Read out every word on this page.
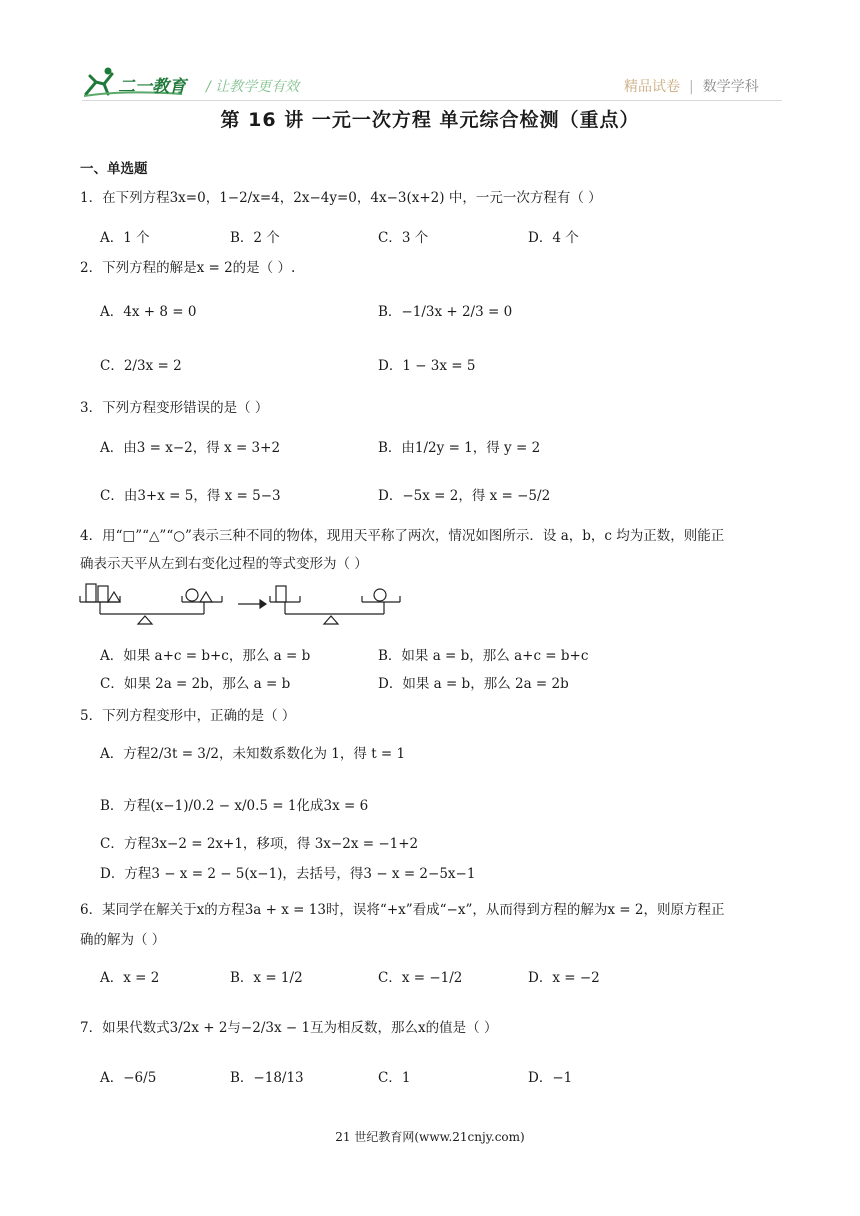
二一教育 / 让教学更有效	精品试卷 | 数学学科
第 16 讲 一元一次方程 单元综合检测（重点）
一、单选题
1．在下列方程3x=0，1−2/x=4，2x−4y=0，4x−3(x+2) 中，一元一次方程有（ ）
A．1 个	B．2 个	C．3 个	D．4 个
2．下列方程的解是x = 2的是（ ）.
A．4x + 8 = 0	B．−1/3x + 2/3 = 0
C．2/3x = 2	D．1 − 3x = 5
3．下列方程变形错误的是（ ）
A．由3 = x−2，得 x = 3+2	B．由1/2y = 1，得 y = 2
C．由3+x = 5，得 x = 5−3	D．−5x = 2，得 x = −5/2
4．用“□”“△”“○”表示三种不同的物体，现用天平称了两次，情况如图所示．设 a，b，c 均为正数，则能正
确表示天平从左到右变化过程的等式变形为（ ）
A．如果 a+c = b+c，那么 a = b	B．如果 a = b，那么 a+c = b+c
C．如果 2a = 2b，那么 a = b	D．如果 a = b，那么 2a = 2b
5．下列方程变形中，正确的是（ ）
A．方程2/3t = 3/2，未知数系数化为 1，得 t = 1
B．方程(x−1)/0.2 − x/0.5 = 1化成3x = 6
C．方程3x−2 = 2x+1，移项，得 3x−2x = −1+2
D．方程3 − x = 2 − 5(x−1)，去括号，得3 − x = 2−5x−1
6．某同学在解关于x的方程3a + x = 13时，误将“+x”看成“−x”，从而得到方程的解为x = 2，则原方程正
确的解为（ ）
A．x = 2	B．x = 1/2	C．x = −1/2	D．x = −2
7．如果代数式3/2x + 2与−2/3x − 1互为相反数，那么x的值是（ ）
A．−6/5	B．−18/13	C．1	D．−1
21 世纪教育网(www.21cnjy.com)
